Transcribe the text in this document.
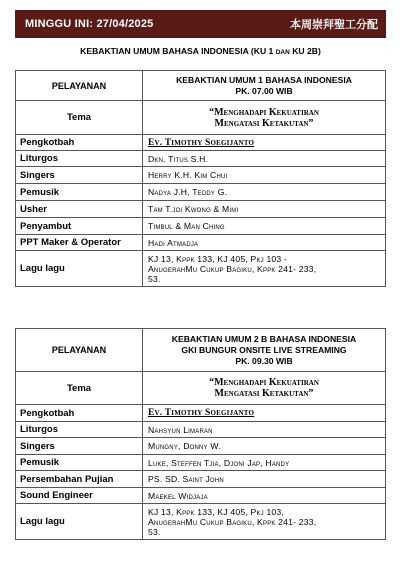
MINGGU INI: 27/04/2025	本周崇拜聖工分配
KEBAKTIAN UMUM BAHASA INDONESIA (KU 1 DAN KU 2B)
PELAYANAN	KEBAKTIAN UMUM 1 BAHASA INDONESIA
PK. 07.00 WIB

Tema	“Menghadapi Kekuatiran
Mengatasi Ketakutan”

Pengkotbah	Ev. Timothy Soegijanto
Liturgos	Dkn. Titus S.H.
Singers	Herry K.H. Kim Chui
Pemusik	Nadya J.H, Teddy G.
Usher	Tam T.joi Kwong & Mimi
Penyambut	Timbul & Man Ching
PPT Maker & Operator	Hadi Atmadja
Lagu lagu	KJ 13, Kppk 133, KJ 405, Pkj 103 -
AnugerahMu Cukup Bagiku, Kppk 241- 233,
53.
PELAYANAN	KEBAKTIAN UMUM 2 B BAHASA INDONESIA
GKI BUNGUR ONSITE LIVE STREAMING
PK. 09.30 WIB

Tema	“Menghadapi Kekuatiran
Mengatasi Ketakutan”

Pengkotbah	Ev. Timothy Soegijanto
Liturgos	Nahsyun Limaran
Singers	Mungny, Donny W.
Pemusik	Luke, Steffen Tjia, Djoni Jap, Handy
Persembahan Pujian	PS. SD. Saint John
Sound Engineer	Maekel Widjaja
Lagu lagu	KJ 13, Kppk 133, KJ 405, Pkj 103,
AnugerahMu Cukup Bagiku, Kppk 241- 233,
53.
